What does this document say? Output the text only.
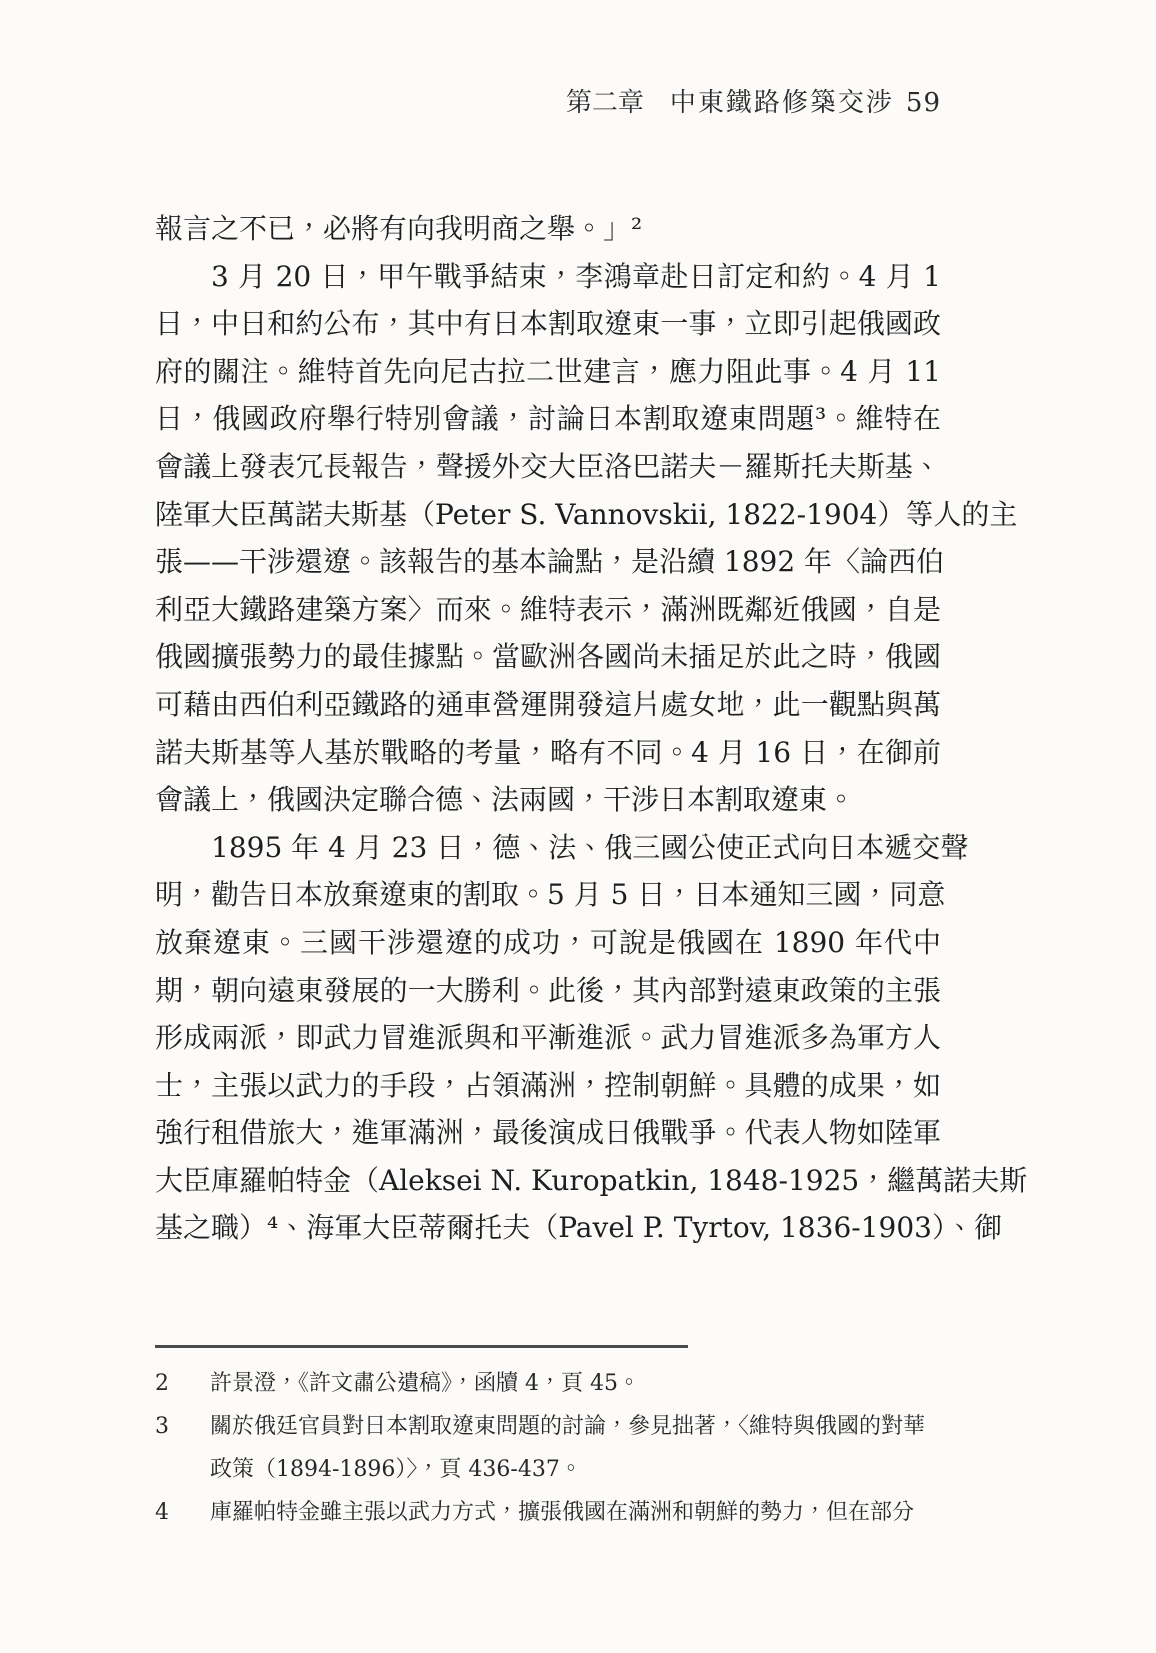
第二章 中東鐵路修築交涉 59

報言之不已，必將有向我明商之舉。」²

3 月 20 日，甲午戰爭結束，李鴻章赴日訂定和約。4 月 1

日，中日和約公布，其中有日本割取遼東一事，立即引起俄國政

府的關注。維特首先向尼古拉二世建言，應力阻此事。4 月 11

日，俄國政府舉行特別會議，討論日本割取遼東問題³。維特在

會議上發表冗長報告，聲援外交大臣洛巴諾夫－羅斯托夫斯基、

陸軍大臣萬諾夫斯基（Peter S. Vannovskii, 1822-1904）等人的主

張——干涉還遼。該報告的基本論點，是沿續 1892 年〈論西伯

利亞大鐵路建築方案〉而來。維特表示，滿洲既鄰近俄國，自是

俄國擴張勢力的最佳據點。當歐洲各國尚未插足於此之時，俄國

可藉由西伯利亞鐵路的通車營運開發這片處女地，此一觀點與萬

諾夫斯基等人基於戰略的考量，略有不同。4 月 16 日，在御前

會議上，俄國決定聯合德、法兩國，干涉日本割取遼東。

1895 年 4 月 23 日，德、法、俄三國公使正式向日本遞交聲

明，勸告日本放棄遼東的割取。5 月 5 日，日本通知三國，同意

放棄遼東。三國干涉還遼的成功，可說是俄國在 1890 年代中

期，朝向遠東發展的一大勝利。此後，其內部對遠東政策的主張

形成兩派，即武力冒進派與和平漸進派。武力冒進派多為軍方人

士，主張以武力的手段，占領滿洲，控制朝鮮。具體的成果，如

強行租借旅大，進軍滿洲，最後演成日俄戰爭。代表人物如陸軍

大臣庫羅帕特金（Aleksei N. Kuropatkin, 1848-1925，繼萬諾夫斯

基之職）⁴、海軍大臣蒂爾托夫（Pavel P. Tyrtov, 1836-1903）、御

2 許景澄，《許文肅公遺稿》，函牘 4，頁 45。
3 關於俄廷官員對日本割取遼東問題的討論，參見拙著，〈維特與俄國的對華
政策（1894-1896）〉，頁 436-437。
4 庫羅帕特金雖主張以武力方式，擴張俄國在滿洲和朝鮮的勢力，但在部分
